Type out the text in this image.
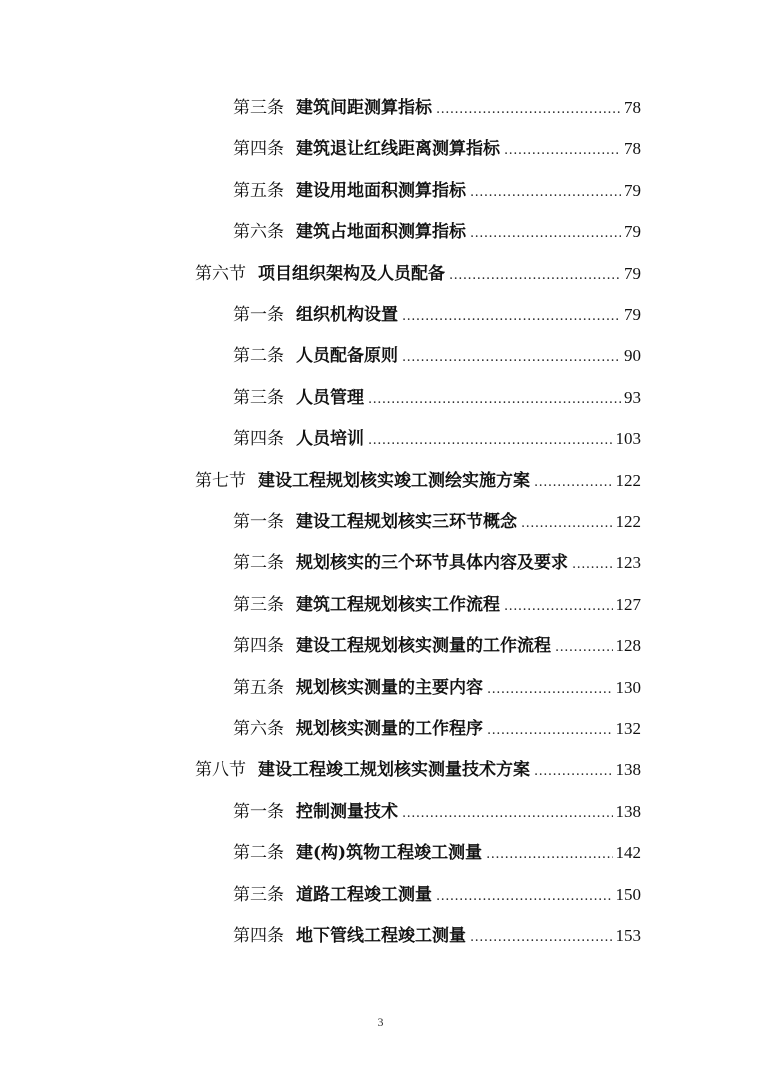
第三条 建筑间距测算指标 .....	78
第四条 建筑退让红线距离测算指标 .....	78
第五条 建设用地面积测算指标 .....	79
第六条 建筑占地面积测算指标 .....	79
第六节 项目组织架构及人员配备 .....	79
第一条 组织机构设置 .....	79
第二条 人员配备原则 .....	90
第三条 人员管理 .....	93
第四条 人员培训 .....	103
第七节 建设工程规划核实竣工测绘实施方案 .....	122
第一条 建设工程规划核实三环节概念 .....	122
第二条 规划核实的三个环节具体内容及要求 .....	123
第三条 建筑工程规划核实工作流程 .....	127
第四条 建设工程规划核实测量的工作流程 .....	128
第五条 规划核实测量的主要内容 .....	130
第六条 规划核实测量的工作程序 .....	132
第八节 建设工程竣工规划核实测量技术方案 .....	138
第一条 控制测量技术 .....	138
第二条 建(构)筑物工程竣工测量 .....	142
第三条 道路工程竣工测量 .....	150
第四条 地下管线工程竣工测量 .....	153
3
